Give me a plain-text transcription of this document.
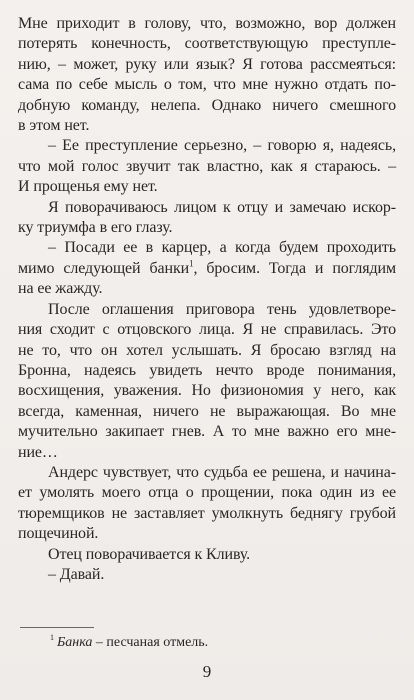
Мне приходит в голову, что, возможно, вор должен
потерять конечность, соответствующую преступле-
нию, – может, руку или язык? Я готова рассмеяться:
сама по себе мысль о том, что мне нужно отдать по-
добную команду, нелепа. Однако ничего смешного
в этом нет.
– Ее преступление серьезно, – говорю я, надеясь,
что мой голос звучит так властно, как я стараюсь. –
И прощенья ему нет.
Я поворачиваюсь лицом к отцу и замечаю искор-
ку триумфа в его глазу.
– Посади ее в карцер, а когда будем проходить
мимо следующей банки$^1$, бросим. Тогда и поглядим
на ее жажду.
После оглашения приговора тень удовлетворе-
ния сходит с отцовского лица. Я не справилась. Это
не то, что он хотел услышать. Я бросаю взгляд на
Бронна, надеясь увидеть нечто вроде понимания,
восхищения, уважения. Но физиономия у него, как
всегда, каменная, ничего не выражающая. Во мне
мучительно закипает гнев. А то мне важно его мне-
ние…
Андерс чувствует, что судьба ее решена, и начина-
ет умолять моего отца о прощении, пока один из ее
тюремщиков не заставляет умолкнуть беднягу грубой
пощечиной.
Отец поворачивается к Кливу.
– Давай.
$^1$ Банка – песчаная отмель.
9
